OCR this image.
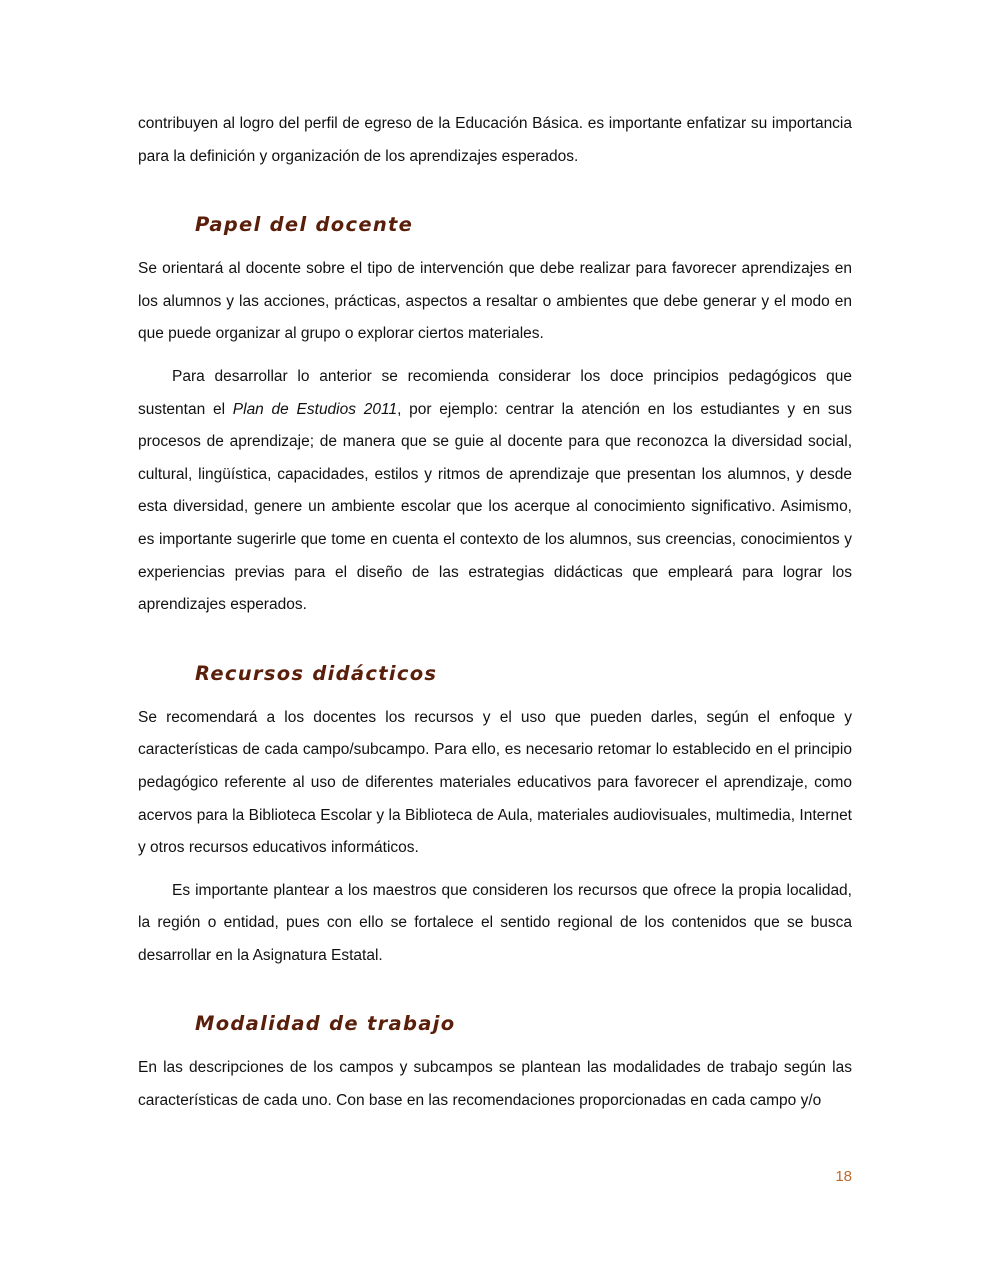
contribuyen al logro del perfil de egreso de la Educación Básica. es importante enfatizar su importancia para la definición y organización de los aprendizajes esperados.

Papel del docente

Se orientará al docente sobre el tipo de intervención que debe realizar para favorecer aprendizajes en los alumnos y las acciones, prácticas, aspectos a resaltar o ambientes que debe generar y el modo en que puede organizar al grupo o explorar ciertos materiales.

Para desarrollar lo anterior se recomienda considerar los doce principios pedagógicos que sustentan el Plan de Estudios 2011, por ejemplo: centrar la atención en los estudiantes y en sus procesos de aprendizaje; de manera que se guie al docente para que reconozca la diversidad social, cultural, lingüística, capacidades, estilos y ritmos de aprendizaje que presentan los alumnos, y desde esta diversidad, genere un ambiente escolar que los acerque al conocimiento significativo. Asimismo, es importante sugerirle que tome en cuenta el contexto de los alumnos, sus creencias, conocimientos y experiencias previas para el diseño de las estrategias didácticas que empleará para lograr los aprendizajes esperados.

Recursos didácticos

Se recomendará a los docentes los recursos y el uso que pueden darles, según el enfoque y características de cada campo/subcampo. Para ello, es necesario retomar lo establecido en el principio pedagógico referente al uso de diferentes materiales educativos para favorecer el aprendizaje, como acervos para la Biblioteca Escolar y la Biblioteca de Aula, materiales audiovisuales, multimedia, Internet y otros recursos educativos informáticos.

Es importante plantear a los maestros que consideren los recursos que ofrece la propia localidad, la región o entidad, pues con ello se fortalece el sentido regional de los contenidos que se busca desarrollar en la Asignatura Estatal.

Modalidad de trabajo

En las descripciones de los campos y subcampos se plantean las modalidades de trabajo según las características de cada uno. Con base en las recomendaciones proporcionadas en cada campo y/o

18
